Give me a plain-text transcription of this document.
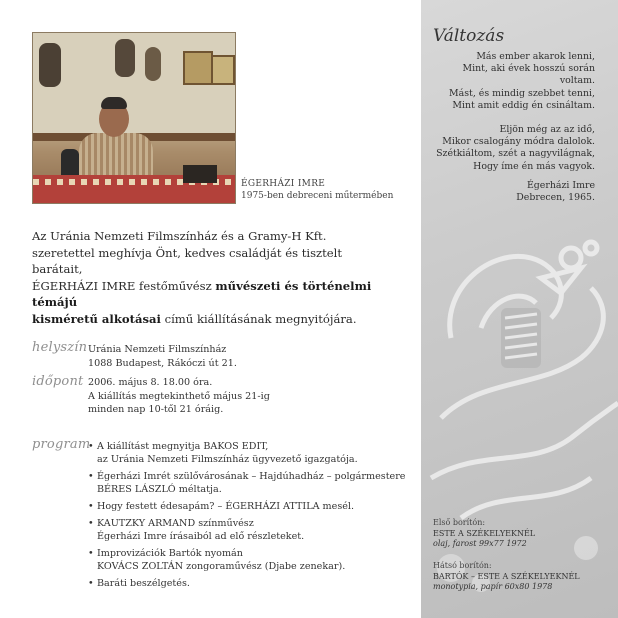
ÉGERHÁZI IMRE
1975-ben debreceni műtermében
Az Uránia Nemzeti Filmszínház és a Gramy-H Kft.
szeretettel meghívja Önt, kedves családját és tisztelt barátait,
ÉGERHÁZI IMRE festőművész művészeti és történelmi témájú
kisméretű alkotásai című kiállításának megnyitójára.
helyszín Uránia Nemzeti Filmszínház
1088 Budapest, Rákóczi út 21.
időpont 2006. május 8. 18.00 óra.
A kiállítás megtekinthető május 21-ig
minden nap 10-től 21 óráig.
program
• A kiállítást megnyitja BAKOS EDIT,
az Uránia Nemzeti Filmszínház ügyvezető igazgatója.
• Égerházi Imrét szülővárosának – Hajdúhadház – polgármestere
BÉRES LÁSZLÓ méltatja.
• Hogy festett édesapám? – ÉGERHÁZI ATTILA mesél.
• KAUTZKY ARMAND színművész
Égerházi Imre írásaiból ad elő részleteket.
• Improvizációk Bartók nyomán
KOVÁCS ZOLTÁN zongoraművész (Djabe zenekar).
• Baráti beszélgetés.
Változás
Más ember akarok lenni,
Mint, aki évek hosszú során voltam.
Mást, és mindig szebbet tenni,
Mint amit eddig én csináltam.
Eljön még az az idő,
Mikor csalogány módra dalolok.
Szétkiáltom, szét a nagyvilágnak,
Hogy íme én más vagyok.
Égerházi Imre
Debrecen, 1965.
Első borítón:
ESTE A SZÉKELYEKNÉL
olaj, farost 99x77 1972
Hátsó borítón:
BARTÓK – ESTE A SZÉKELYEKNÉL
monotypia, papír 60x80 1978
